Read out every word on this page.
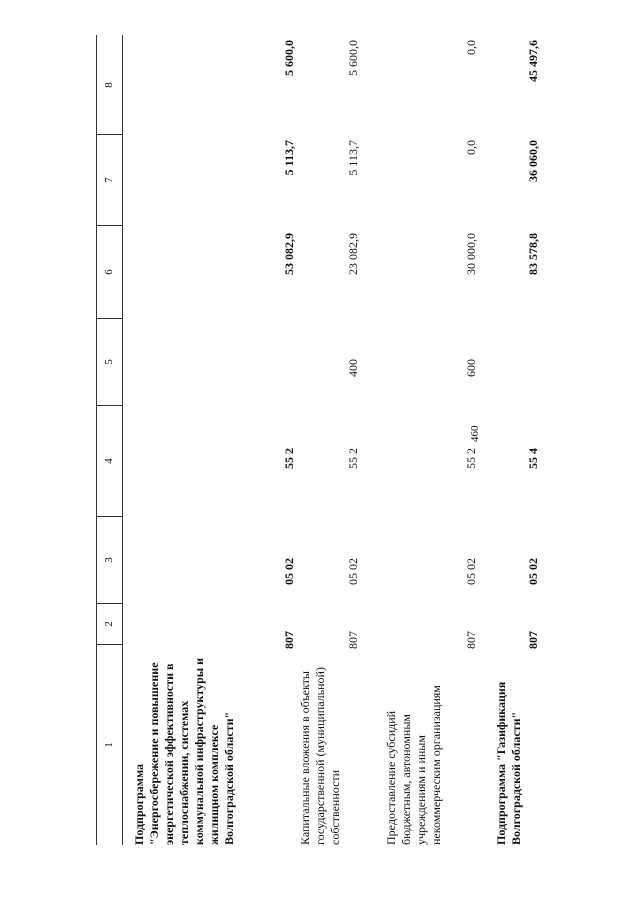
460
1
2
3
4
5
6
7
8
Подпрограмма "Энергосбережение и повышение энергетической эффективности в теплоснабжении, системах коммунальной инфраструктуры и жилищном комплексе Волгоградской области"
807
05 02
55 2
53 082,9
5 113,7
5 600,0
Капитальные вложения в объекты государственной (муниципальной) собственности
807
05 02
55 2
400
23 082,9
5 113,7
5 600,0
Предоставление субсидий бюджетным, автономным учреждениям и иным некоммерческим организациям
807
05 02
55 2
600
30 000,0
0,0
0,0
Подпрограмма "Газификация Волгоградской области"
807
05 02
55 4
83 578,8
36 060,0
45 497,6
